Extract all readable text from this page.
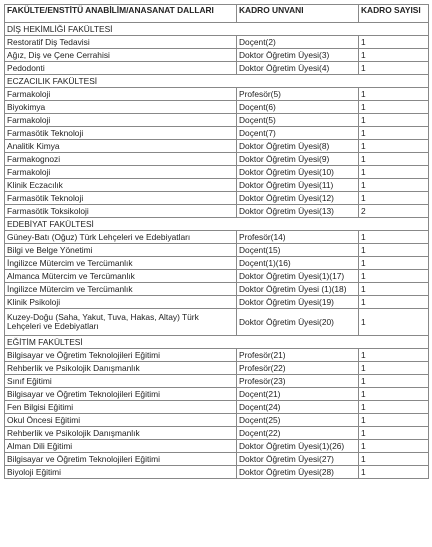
FAKÜLTE/ENSTİTÜ ANABİLİM/ANASANAT DALLARI	KADRO UNVANI	KADRO SAYISI
DİŞ HEKİMLİĞİ FAKÜLTESİ		
Restoratif Diş Tedavisi	Doçent(2)	1
Ağız, Diş ve Çene Cerrahisi	Doktor Öğretim Üyesi(3)	1
Pedodonti	Doktor Öğretim Üyesi(4)	1
ECZACILIK FAKÜLTESİ		
Farmakoloji	Profesör(5)	1
Biyokimya	Doçent(6)	1
Farmakoloji	Doçent(5)	1
Farmasötik Teknoloji	Doçent(7)	1
Analitik Kimya	Doktor Öğretim Üyesi(8)	1
Farmakognozi	Doktor Öğretim Üyesi(9)	1
Farmakoloji	Doktor Öğretim Üyesi(10)	1
Klinik Eczacılık	Doktor Öğretim Üyesi(11)	1
Farmasötik Teknoloji	Doktor Öğretim Üyesi(12)	1
Farmasötik Toksikoloji	Doktor Öğretim Üyesi(13)	2
EDEBİYAT FAKÜLTESİ		
Güney-Batı (Oğuz) Türk Lehçeleri ve Edebiyatları	Profesör(14)	1
Bilgi ve Belge Yönetimi	Doçent(15)	1
İngilizce Mütercim ve Tercümanlık	Doçent(1)(16)	1
Almanca Mütercim ve Tercümanlık	Doktor Öğretim Üyesi(1)(17)	1
İngilizce Mütercim ve Tercümanlık	Doktor Öğretim Üyesi (1)(18)	1
Klinik Psikoloji	Doktor Öğretim Üyesi(19)	1
Kuzey-Doğu (Saha, Yakut, Tuva, Hakas, Altay) Türk Lehçeleri ve Edebiyatları	Doktor Öğretim Üyesi(20)	1
EĞİTİM FAKÜLTESİ		
Bilgisayar ve Öğretim Teknolojileri Eğitimi	Profesör(21)	1
Rehberlik ve Psikolojik Danışmanlık	Profesör(22)	1
Sınıf Eğitimi	Profesör(23)	1
Bilgisayar ve Öğretim Teknolojileri Eğitimi	Doçent(21)	1
Fen Bilgisi Eğitimi	Doçent(24)	1
Okul Öncesi Eğitimi	Doçent(25)	1
Rehberlik ve Psikolojik Danışmanlık	Doçent(22)	1
Alman Dili Eğitimi	Doktor Öğretim Üyesi(1)(26)	1
Bilgisayar ve Öğretim Teknolojileri Eğitimi	Doktor Öğretim Üyesi(27)	1
Biyoloji Eğitimi	Doktor Öğretim Üyesi(28)	1
